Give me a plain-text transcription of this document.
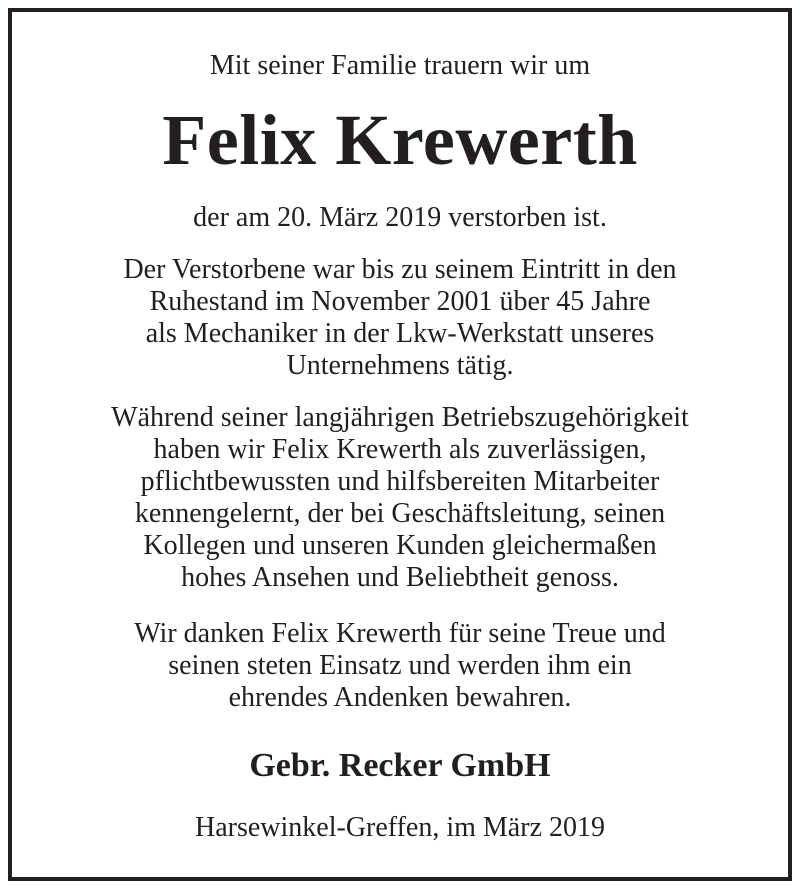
Mit seiner Familie trauern wir um
Felix Krewerth
der am 20. März 2019 verstorben ist.
Der Verstorbene war bis zu seinem Eintritt in den
Ruhestand im November 2001 über 45 Jahre
als Mechaniker in der Lkw-Werkstatt unseres
Unternehmens tätig.
Während seiner langjährigen Betriebszugehörigkeit
haben wir Felix Krewerth als zuverlässigen,
pflichtbewussten und hilfsbereiten Mitarbeiter
kennengelernt, der bei Geschäftsleitung, seinen
Kollegen und unseren Kunden gleichermaßen
hohes Ansehen und Beliebtheit genoss.
Wir danken Felix Krewerth für seine Treue und
seinen steten Einsatz und werden ihm ein
ehrendes Andenken bewahren.
Gebr. Recker GmbH
Harsewinkel-Greffen, im März 2019
